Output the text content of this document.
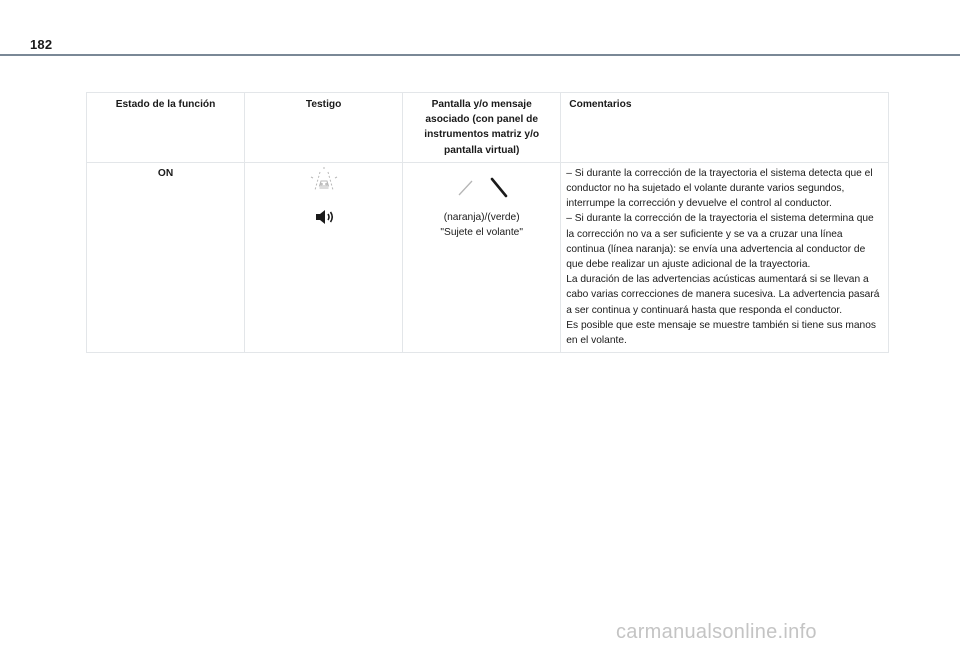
182
Estado de la función	Testigo	Pantalla y/o mensaje asociado (con panel de instrumentos matriz y/o pantalla virtual)	Comentarios
ON		(naranja)/(verde)
"Sujete el volante"	– Si durante la corrección de la trayectoria el sistema detecta que el conductor no ha sujetado el volante durante varios segundos, interrumpe la corrección y devuelve el control al conductor.
– Si durante la corrección de la trayectoria el sistema determina que la corrección no va a ser suficiente y se va a cruzar una línea continua (línea naranja): se envía una advertencia al conductor de que debe realizar un ajuste adicional de la trayectoria.
La duración de las advertencias acústicas aumentará si se llevan a cabo varias correcciones de manera sucesiva. La advertencia pasará a ser continua y continuará hasta que responda el conductor.
Es posible que este mensaje se muestre también si tiene sus manos en el volante.
carmanualsonline.info
